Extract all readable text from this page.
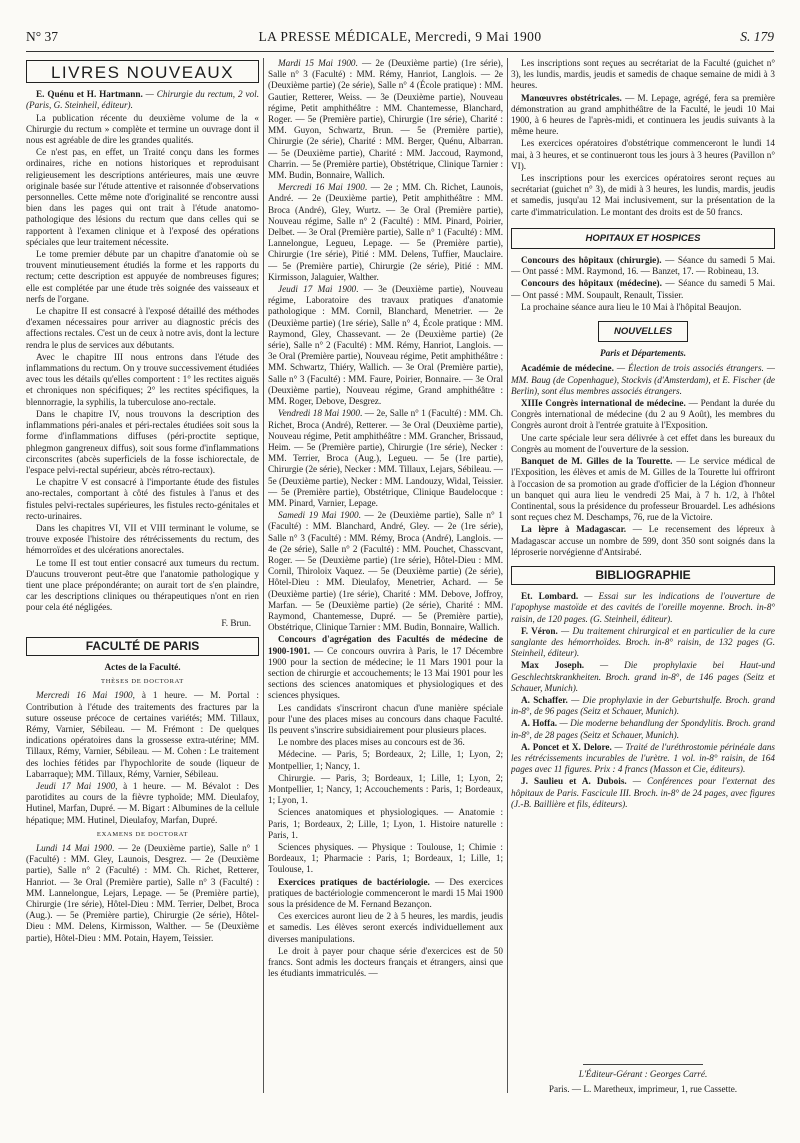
N° 37	LA PRESSE MÉDICALE, Mercredi, 9 Mai 1900	S. 179
LIVRES NOUVEAUX

E. Quénu et H. Hartmann. — Chirurgie du rectum, 2 vol. (Paris, G. Steinheil, éditeur).

La publication récente du deuxième volume de la « Chirurgie du rectum » complète et termine un ouvrage dont il nous est agréable de dire les grandes qualités.

Ce n'est pas, en effet, un Traité conçu dans les formes ordinaires, riche en notions historiques et reproduisant religieusement les descriptions antérieures, mais une œuvre originale basée sur l'étude attentive et raisonnée d'observations personnelles. Cette même note d'originalité se rencontre aussi bien dans les pages qui ont trait à l'étude anatomo-pathologique des lésions du rectum que dans celles qui se rapportent à l'examen clinique et à l'exposé des opérations spéciales que leur traitement nécessite.

Le tome premier débute par un chapitre d'anatomie où se trouvent minutieusement étudiés la forme et les rapports du rectum; cette description est appuyée de nombreuses figures; elle est complétée par une étude très soignée des vaisseaux et nerfs de l'organe.

Le chapitre II est consacré à l'exposé détaillé des méthodes d'examen nécessaires pour arriver au diagnostic précis des affections rectales. C'est un de ceux à notre avis, dont la lecture rendra le plus de services aux débutants.

Avec le chapitre III nous entrons dans l'étude des inflammations du rectum. On y trouve successivement étudiées avec tous les détails qu'elles comportent : 1° les rectites aiguës et chroniques non spécifiques; 2° les rectites spécifiques, la blennorragie, la syphilis, la tuberculose ano-rectale.

Dans le chapitre IV, nous trouvons la description des inflammations péri-anales et péri-rectales étudiées soit sous la forme d'inflammations diffuses (péri-proctite septique, phlegmon gangreneux diffus), soit sous forme d'inflammations circonscrites (abcès superficiels de la fosse ischiorectale, de l'espace pelvi-rectal supérieur, abcès rétro-rectaux).

Le chapitre V est consacré à l'importante étude des fistules ano-rectales, comportant à côté des fistules à l'anus et des fistules pelvi-rectales supérieures, les fistules recto-génitales et recto-urinaires.

Dans les chapitres VI, VII et VIII terminant le volume, se trouve exposée l'histoire des rétrécissements du rectum, des hémorroïdes et des ulcérations anorectales.

Le tome II est tout entier consacré aux tumeurs du rectum. D'aucuns trouveront peut-être que l'anatomie pathologique y tient une place prépondérante; on aurait tort de s'en plaindre, car les descriptions cliniques ou thérapeutiques n'ont en rien pour cela été négligées.

F. Brun.

FACULTÉ DE PARIS

Actes de la Faculté.

THÈSES DE DOCTORAT

Mercredi 16 Mai 1900, à 1 heure. — M. Portal : Contribution à l'étude des traitements des fractures par la suture osseuse précoce de certaines variétés; MM. Tillaux, Rémy, Varnier, Sébileau. — M. Frémont : De quelques indications opératoires dans la grossesse extra-utérine; MM. Tillaux, Rémy, Varnier, Sébileau. — M. Cohen : Le traitement des lochies fétides par l'hypochlorite de soude (liqueur de Labarraque); MM. Tillaux, Rémy, Varnier, Sébileau.

Jeudi 17 Mai 1900, à 1 heure. — M. Bévalot : Des parotidites au cours de la fièvre typhoïde; MM. Dieulafoy, Hutinel, Marfan, Dupré. — M. Bigart : Albumines de la cellule hépatique; MM. Hutinel, Dieulafoy, Marfan, Dupré.

EXAMENS DE DOCTORAT

Lundi 14 Mai 1900. — 2e (Deuxième partie), Salle n° 1 (Faculté) : MM. Gley, Launois, Desgrez. — 2e (Deuxième partie), Salle n° 2 (Faculté) : MM. Ch. Richet, Retterer, Hanriot. — 3e Oral (Première partie), Salle n° 3 (Faculté) : MM. Lannelongue, Lejars, Lepage. — 5e (Première partie), Chirurgie (1re série), Hôtel-Dieu : MM. Terrier, Delbet, Broca (Aug.). — 5e (Première partie), Chirurgie (2e série), Hôtel-Dieu : MM. Delens, Kirmisson, Walther. — 5e (Deuxième partie), Hôtel-Dieu : MM. Potain, Hayem, Teissier.

Mardi 15 Mai 1900. — 2e (Deuxième partie) (1re série), Salle n° 3 (Faculté) : MM. Rémy, Hanriot, Langlois. — 2e (Deuxième partie) (2e série), Salle n° 4 (École pratique) : MM. Gautier, Retterer, Weiss. — 3e (Deuxième partie), Nouveau régime, Petit amphithéâtre : MM. Chantemesse, Blanchard, Roger. — 5e (Première partie), Chirurgie (1re série), Charité : MM. Guyon, Schwartz, Brun. — 5e (Première partie), Chirurgie (2e série), Charité : MM. Berger, Quénu, Albarran. — 5e (Deuxième partie), Charité : MM. Jaccoud, Raymond, Charrin. — 5e (Première partie), Obstétrique, Clinique Tarnier : MM. Budin, Bonnaire, Wallich.

Mercredi 16 Mai 1900. — 2e ; MM. Ch. Richet, Launois, André. — 2e (Deuxième partie), Petit amphithéâtre : MM. Broca (André), Gley, Wurtz. — 3e Oral (Première partie), Nouveau régime, Salle n° 2 (Faculté) : MM. Pinard, Poirier, Delbet. — 3e Oral (Première partie), Salle n° 1 (Faculté) : MM. Lannelongue, Legueu, Lepage. — 5e (Première partie), Chirurgie (1re série), Pitié : MM. Delens, Tuffier, Mauclaire. — 5e (Première partie), Chirurgie (2e série), Pitié : MM. Kirmisson, Jalaguier, Walther.

Jeudi 17 Mai 1900. — 3e (Deuxième partie), Nouveau régime, Laboratoire des travaux pratiques d'anatomie pathologique : MM. Cornil, Blanchard, Menetrier. — 2e (Deuxième partie) (1re série), Salle n° 4, École pratique : MM. Raymond, Gley, Chassevant. — 2e (Deuxième partie) (2e série), Salle n° 2 (Faculté) : MM. Rémy, Hanriot, Langlois. — 3e Oral (Première partie), Nouveau régime, Petit amphithéâtre : MM. Schwartz, Thiéry, Wallich. — 3e Oral (Première partie), Salle n° 3 (Faculté) : MM. Faure, Poirier, Bonnaire. — 3e Oral (Deuxième partie), Nouveau régime, Grand amphithéâtre : MM. Roger, Debove, Desgrez.

Vendredi 18 Mai 1900. — 2e, Salle n° 1 (Faculté) : MM. Ch. Richet, Broca (André), Retterer. — 3e Oral (Deuxième partie), Nouveau régime, Petit amphithéâtre : MM. Grancher, Brissaud, Heim. — 5e (Première partie), Chirurgie (1re série), Necker : MM. Terrier, Broca (Aug.), Legueu. — 5e (1re partie), Chirurgie (2e série), Necker : MM. Tillaux, Lejars, Sébileau. — 5e (Deuxième partie), Necker : MM. Landouzy, Widal, Teissier. — 5e (Première partie), Obstétrique, Clinique Baudelocque : MM. Pinard, Varnier, Lepage.

Samedi 19 Mai 1900. — 2e (Deuxième partie), Salle n° 1 (Faculté) : MM. Blanchard, André, Gley. — 2e (1re série), Salle n° 3 (Faculté) : MM. Rémy, Broca (André), Langlois. — 4e (2e série), Salle n° 2 (Faculté) : MM. Pouchet, Chasscvant, Roger. — 5e (Deuxième partie) (1re série), Hôtel-Dieu : MM. Cornil, Thiroloix Vaquez. — 5e (Deuxième partie) (2e série), Hôtel-Dieu : MM. Dieulafoy, Menetrier, Achard. — 5e (Deuxième partie) (1re série), Charité : MM. Debove, Joffroy, Marfan. — 5e (Deuxième partie) (2e série), Charité : MM. Raymond, Chantemesse, Dupré. — 5e (Première partie), Obstétrique, Clinique Tarnier : MM. Budin, Bonnaire, Wallich.

Concours d'agrégation des Facultés de médecine de 1900-1901. — Ce concours ouvrira à Paris, le 17 Décembre 1900 pour la section de médecine; le 11 Mars 1901 pour la section de chirurgie et accouchements; le 13 Mai 1901 pour les sections des sciences anatomiques et physiologiques et des sciences physiques.

Les candidats s'inscriront chacun d'une manière spéciale pour l'une des places mises au concours dans chaque Faculté. Ils peuvent s'inscrire subsidiairement pour plusieurs places.

Le nombre des places mises au concours est de 36.

Médecine. — Paris, 5; Bordeaux, 2; Lille, 1; Lyon, 2; Montpellier, 1; Nancy, 1.

Chirurgie. — Paris, 3; Bordeaux, 1; Lille, 1; Lyon, 2; Montpellier, 1; Nancy, 1; Accouchements : Paris, 1; Bordeaux, 1; Lyon, 1.

Sciences anatomiques et physiologiques. — Anatomie : Paris, 1; Bordeaux, 2; Lille, 1; Lyon, 1. Histoire naturelle : Paris, 1.

Sciences physiques. — Physique : Toulouse, 1; Chimie : Bordeaux, 1; Pharmacie : Paris, 1; Bordeaux, 1; Lille, 1; Toulouse, 1.

Exercices pratiques de bactériologie. — Des exercices pratiques de bactériologie commenceront le mardi 15 Mai 1900 sous la présidence de M. Fernand Bezançon.

Ces exercices auront lieu de 2 à 5 heures, les mardis, jeudis et samedis. Les élèves seront exercés individuellement aux diverses manipulations.

Le droit à payer pour chaque série d'exercices est de 50 francs. Sont admis les docteurs français et étrangers, ainsi que les étudiants immatriculés. —

Les inscriptions sont reçues au secrétariat de la Faculté (guichet n° 3), les lundis, mardis, jeudis et samedis de chaque semaine de midi à 3 heures.

Manœuvres obstétricales. — M. Lepage, agrégé, fera sa première démonstration au grand amphithéâtre de la Faculté, le jeudi 10 Mai 1900, à 6 heures de l'après-midi, et continuera les jeudis suivants à la même heure.

Les exercices opératoires d'obstétrique commenceront le lundi 14 mai, à 3 heures, et se continueront tous les jours à 3 heures (Pavillon n° VI).

Les inscriptions pour les exercices opératoires seront reçues au secrétariat (guichet n° 3), de midi à 3 heures, les lundis, mardis, jeudis et samedis, jusqu'au 12 Mai inclusivement, sur la présentation de la carte d'immatriculation. Le montant des droits est de 50 francs.

HOPITAUX ET HOSPICES

Concours des hôpitaux (chirurgie). — Séance du samedi 5 Mai. — Ont passé : MM. Raymond, 16. — Banzet, 17. — Robineau, 13.

Concours des hôpitaux (médecine). — Séance du samedi 5 Mai. — Ont passé : MM. Soupault, Renault, Tissier.

La prochaine séance aura lieu le 10 Mai à l'hôpital Beaujon.

NOUVELLES

Paris et Départements.

Académie de médecine. — Élection de trois associés étrangers. — MM. Baug (de Copenhague), Stockvis (d'Amsterdam), et E. Fischer (de Berlin), sont élus membres associés étrangers.

XIIIe Congrès international de médecine. — Pendant la durée du Congrès international de médecine (du 2 au 9 Août), les membres du Congrès auront droit à l'entrée gratuite à l'Exposition.

Une carte spéciale leur sera délivrée à cet effet dans les bureaux du Congrès au moment de l'ouverture de la session.

Banquet de M. Gilles de la Tourette. — Le service médical de l'Exposition, les élèves et amis de M. Gilles de la Tourette lui offriront à l'occasion de sa promotion au grade d'officier de la Légion d'honneur un banquet qui aura lieu le vendredi 25 Mai, à 7 h. 1/2, à l'hôtel Continental, sous la présidence du professeur Brouardel. Les adhésions sont reçues chez M. Deschamps, 76, rue de la Victoire.

La lèpre à Madagascar. — Le recensement des lépreux à Madagascar accuse un nombre de 599, dont 350 sont soignés dans la léproserie norvégienne d'Antsirabé.

BIBLIOGRAPHIE

Et. Lombard. — Essai sur les indications de l'ouverture de l'apophyse mastoïde et des cavités de l'oreille moyenne. Broch. in-8° raisin, de 120 pages. (G. Steinheil, éditeur).

F. Véron. — Du traitement chirurgical et en particulier de la cure sanglante des hémorrhoïdes. Broch. in-8° raisin, de 132 pages (G. Steinheil, éditeur).

Max Joseph. — Die prophylaxie bei Haut-und Geschlechtskrankheiten. Broch. grand in-8°, de 146 pages (Seitz et Schauer, Munich).

A. Schaffer. — Die prophylaxie in der Geburtshulfe. Broch. grand in-8°, de 96 pages (Seitz et Schauer, Munich).

A. Hoffa. — Die moderne behandlung der Spondylitis. Broch. grand in-8°, de 28 pages (Seitz et Schauer, Munich).

A. Poncet et X. Delore. — Traité de l'uréthrostomie périnéale dans les rétrécissements incurables de l'urètre. 1 vol. in-8° raisin, de 164 pages avec 11 figures. Prix : 4 francs (Masson et Cie, éditeurs).

J. Saulieu et A. Dubois. — Conférences pour l'externat des hôpitaux de Paris. Fascicule III. Broch. in-8° de 24 pages, avec figures (J.-B. Baillière et fils, éditeurs).

L'Éditeur-Gérant : Georges Carré.

Paris. — L. Maretheux, imprimeur, 1, rue Cassette.
